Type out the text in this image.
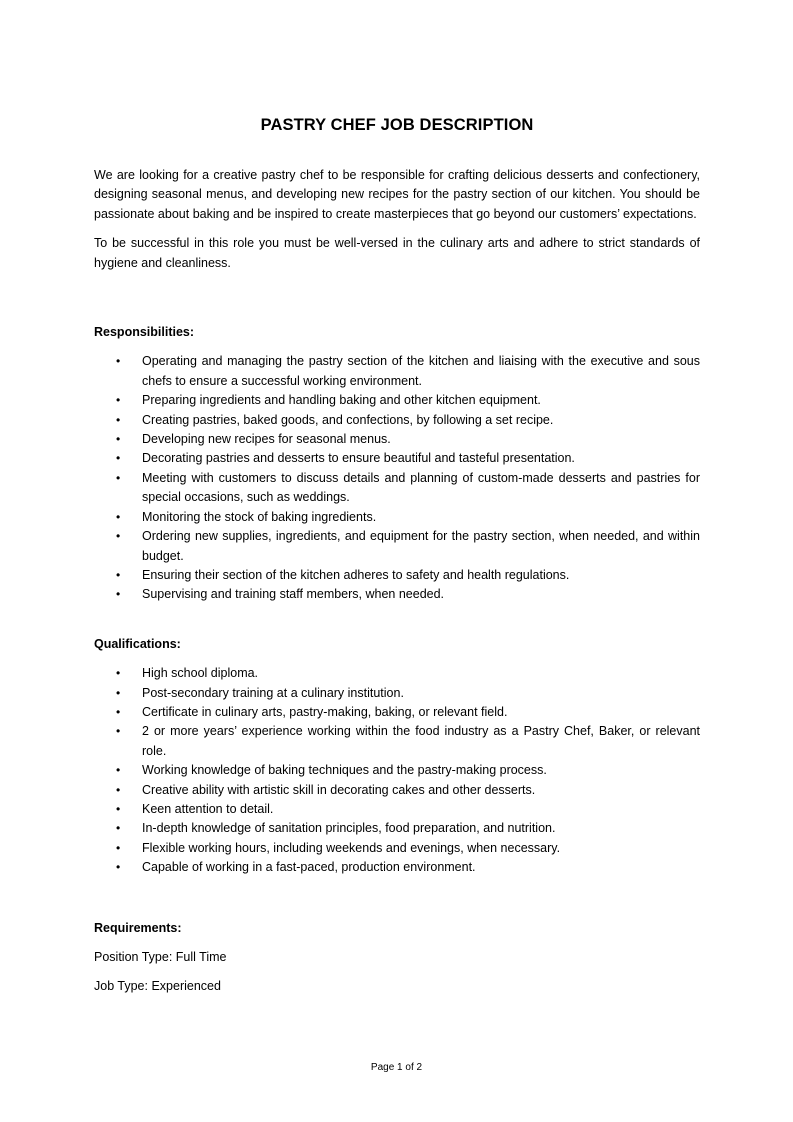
PASTRY CHEF JOB DESCRIPTION

We are looking for a creative pastry chef to be responsible for crafting delicious desserts and confectionery, designing seasonal menus, and developing new recipes for the pastry section of our kitchen. You should be passionate about baking and be inspired to create masterpieces that go beyond our customers’ expectations.

To be successful in this role you must be well-versed in the culinary arts and adhere to strict standards of hygiene and cleanliness.

Responsibilities:
• Operating and managing the pastry section of the kitchen and liaising with the executive and sous chefs to ensure a successful working environment.
• Preparing ingredients and handling baking and other kitchen equipment.
• Creating pastries, baked goods, and confections, by following a set recipe.
• Developing new recipes for seasonal menus.
• Decorating pastries and desserts to ensure beautiful and tasteful presentation.
• Meeting with customers to discuss details and planning of custom-made desserts and pastries for special occasions, such as weddings.
• Monitoring the stock of baking ingredients.
• Ordering new supplies, ingredients, and equipment for the pastry section, when needed, and within budget.
• Ensuring their section of the kitchen adheres to safety and health regulations.
• Supervising and training staff members, when needed.
Qualifications:
• High school diploma.
• Post-secondary training at a culinary institution.
• Certificate in culinary arts, pastry-making, baking, or relevant field.
• 2 or more years’ experience working within the food industry as a Pastry Chef, Baker, or relevant role.
• Working knowledge of baking techniques and the pastry-making process.
• Creative ability with artistic skill in decorating cakes and other desserts.
• Keen attention to detail.
• In-depth knowledge of sanitation principles, food preparation, and nutrition.
• Flexible working hours, including weekends and evenings, when necessary.
• Capable of working in a fast-paced, production environment.
Requirements:

Position Type: Full Time

Job Type: Experienced

Page 1 of 2
